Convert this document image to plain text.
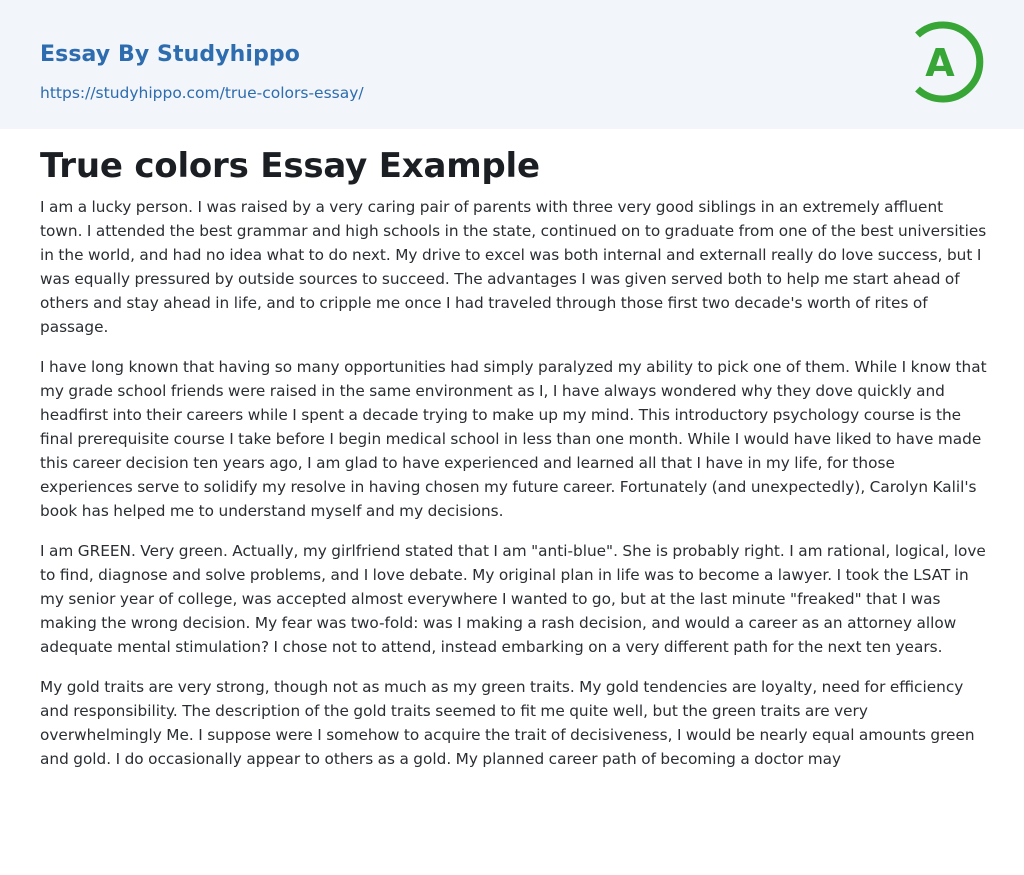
Essay By Studyhippo
https://studyhippo.com/true-colors-essay/
A
True colors Essay Example

I am a lucky person. I was raised by a very caring pair of parents with three very good siblings in an extremely affluent town. I attended the best grammar and high schools in the state, continued on to graduate from one of the best universities in the world, and had no idea what to do next. My drive to excel was both internal and externall really do love success, but I was equally pressured by outside sources to succeed. The advantages I was given served both to help me start ahead of others and stay ahead in life, and to cripple me once I had traveled through those first two decade's worth of rites of passage.

I have long known that having so many opportunities had simply paralyzed my ability to pick one of them. While I know that my grade school friends were raised in the same environment as I, I have always wondered why they dove quickly and headfirst into their careers while I spent a decade trying to make up my mind. This introductory psychology course is the final prerequisite course I take before I begin medical school in less than one month. While I would have liked to have made this career decision ten years ago, I am glad to have experienced and learned all that I have in my life, for those experiences serve to solidify my resolve in having chosen my future career. Fortunately (and unexpectedly), Carolyn Kalil's book has helped me to understand myself and my decisions.

I am GREEN. Very green. Actually, my girlfriend stated that I am "anti-blue". She is probably right. I am rational, logical, love to find, diagnose and solve problems, and I love debate. My original plan in life was to become a lawyer. I took the LSAT in my senior year of college, was accepted almost everywhere I wanted to go, but at the last minute "freaked" that I was making the wrong decision. My fear was two-fold: was I making a rash decision, and would a career as an attorney allow adequate mental stimulation? I chose not to attend, instead embarking on a very different path for the next ten years.

My gold traits are very strong, though not as much as my green traits. My gold tendencies are loyalty, need for efficiency and responsibility. The description of the gold traits seemed to fit me quite well, but the green traits are very overwhelmingly Me. I suppose were I somehow to acquire the trait of decisiveness, I would be nearly equal amounts green and gold. I do occasionally appear to others as a gold. My planned career path of becoming a doctor may
